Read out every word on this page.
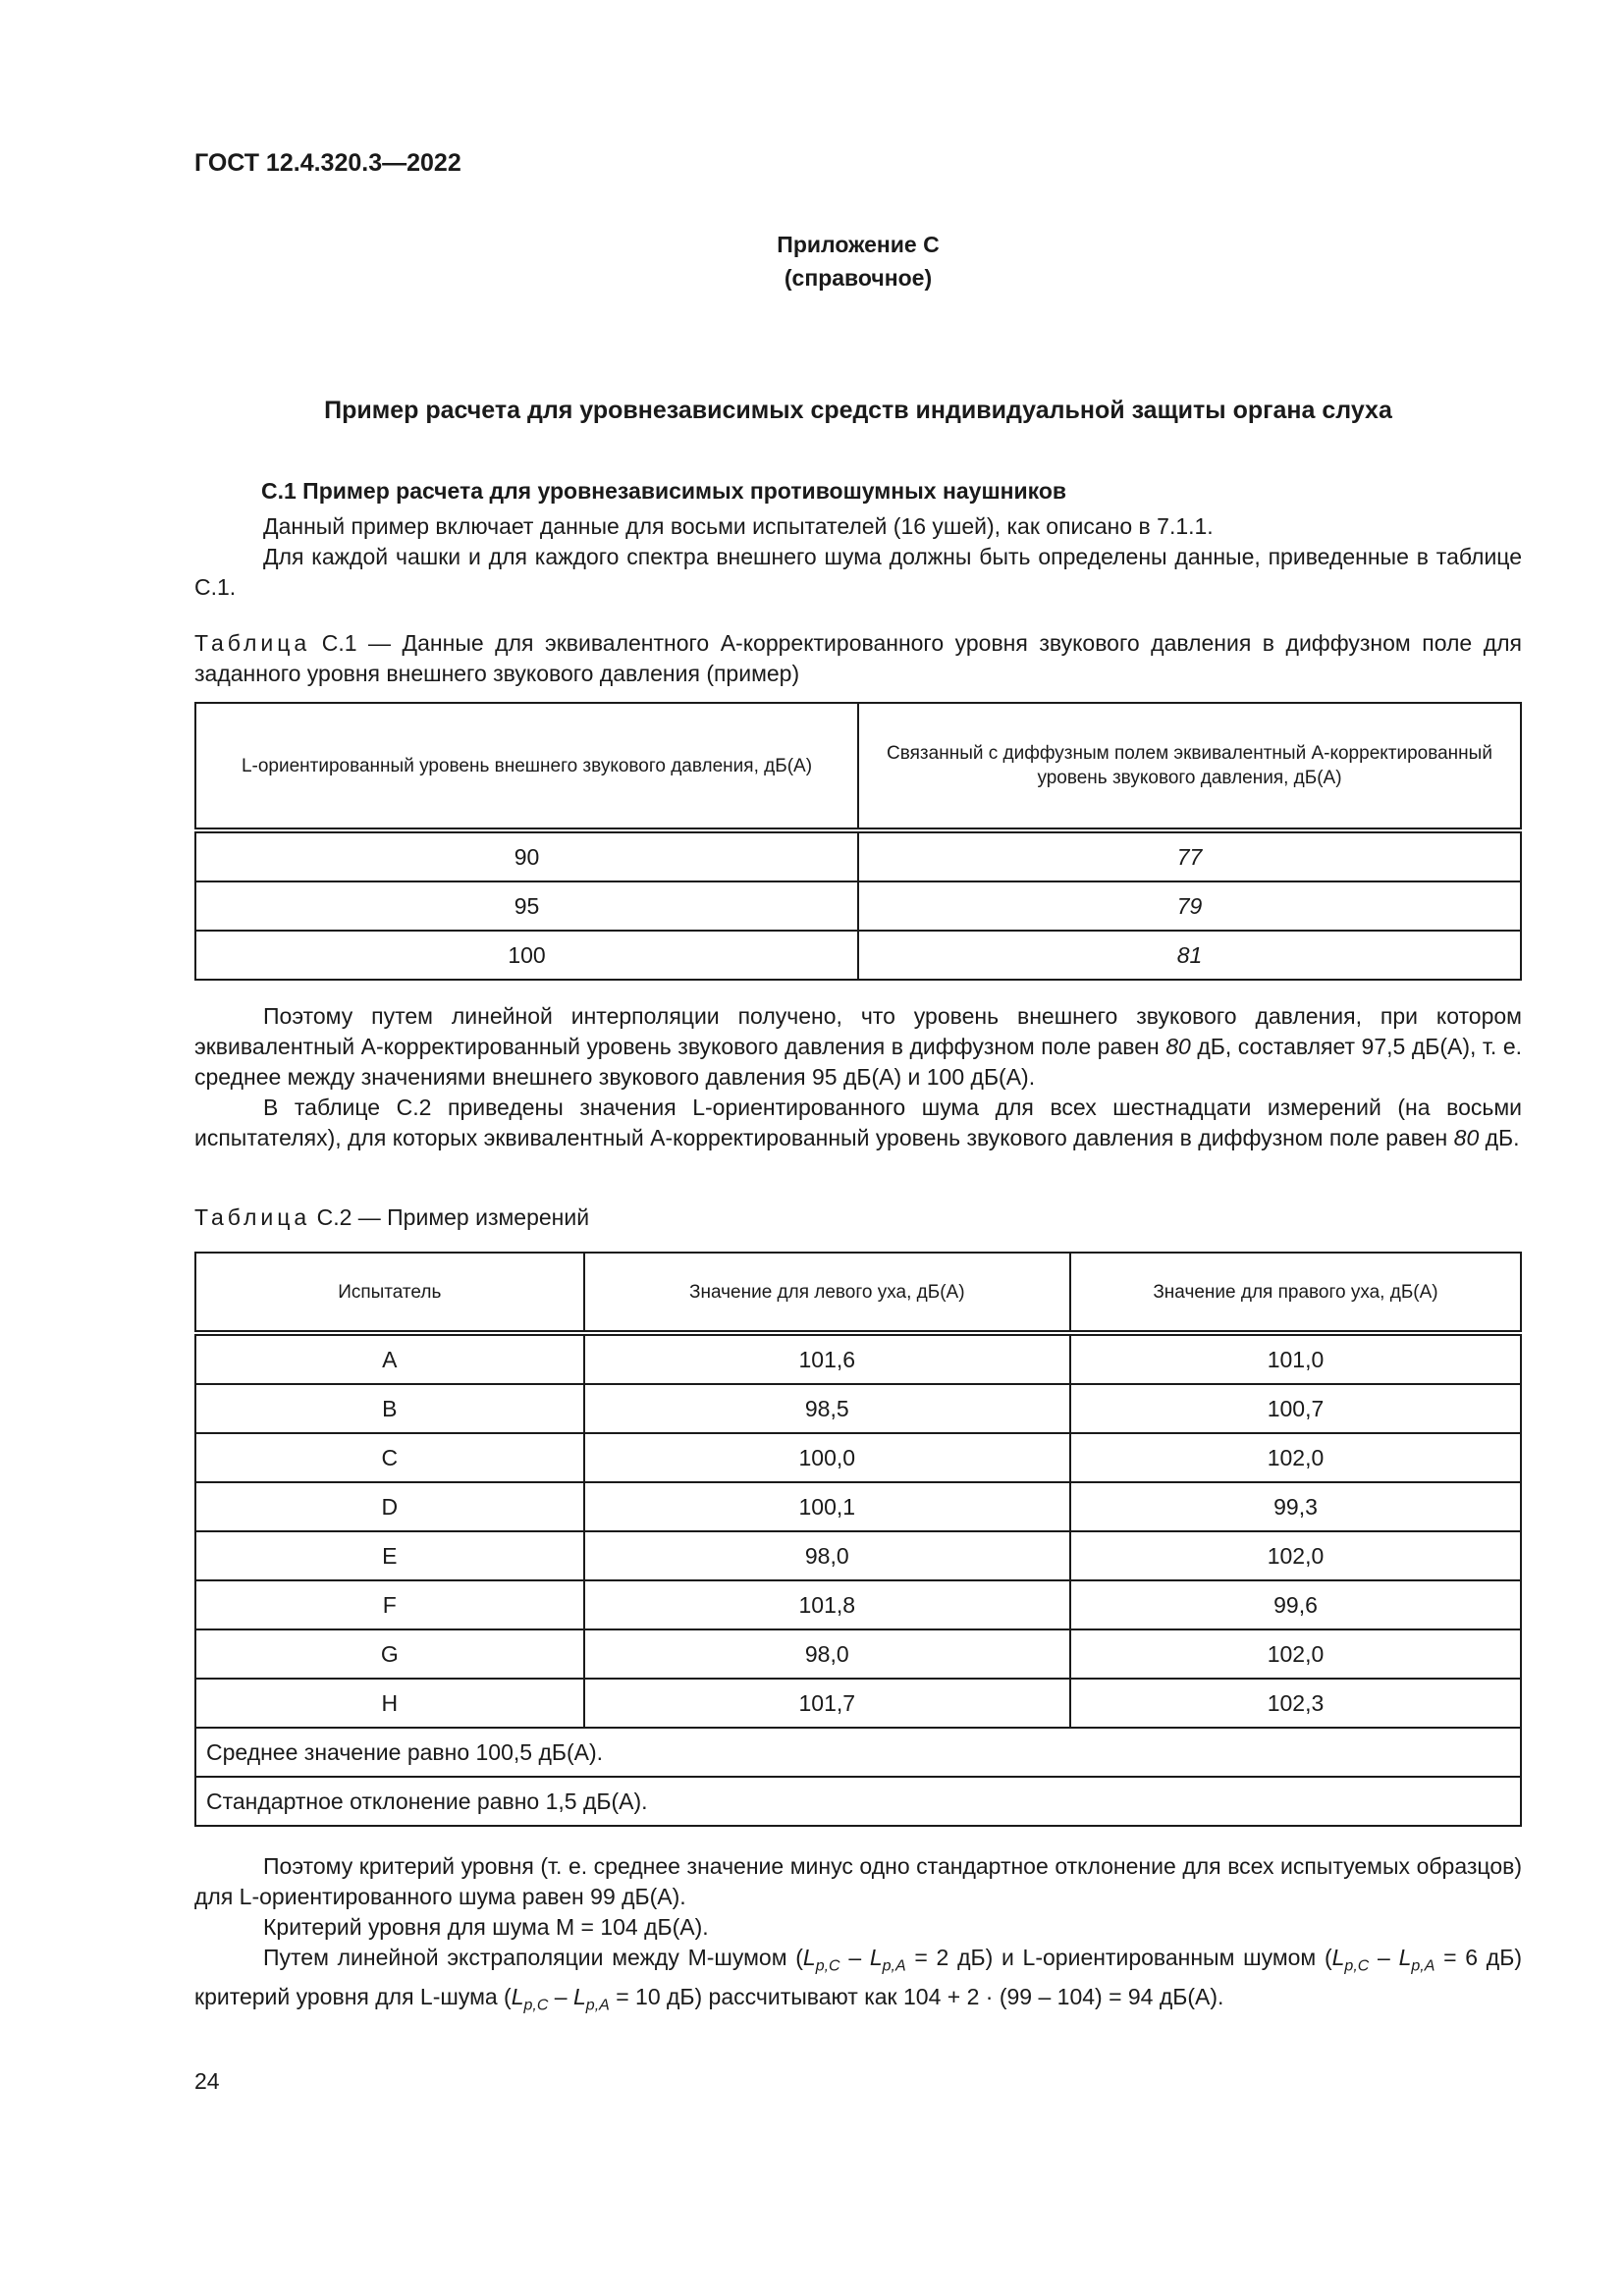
ГОСТ 12.4.320.3—2022
Приложение С
(справочное)
Пример расчета для уровнезависимых средств индивидуальной защиты органа слуха
С.1 Пример расчета для уровнезависимых противошумных наушников
Данный пример включает данные для восьми испытателей (16 ушей), как описано в 7.1.1.
Для каждой чашки и для каждого спектра внешнего шума должны быть определены данные, приведенные в таблице С.1.
Таблица С.1 — Данные для эквивалентного А-корректированного уровня звукового давления в диффузном поле для заданного уровня внешнего звукового давления (пример)
L-ориентированный уровень внешнего звукового давления, дБ(А)	Связанный с диффузным полем эквивалентный А-корректированный уровень звукового давления, дБ(А)
90	77
95	79
100	81
Поэтому путем линейной интерполяции получено, что уровень внешнего звукового давления, при котором эквивалентный А-корректированный уровень звукового давления в диффузном поле равен 80 дБ, составляет 97,5 дБ(А), т. е. среднее между значениями внешнего звукового давления 95 дБ(А) и 100 дБ(А).
В таблице С.2 приведены значения L-ориентированного шума для всех шестнадцати измерений (на восьми испытателях), для которых эквивалентный А-корректированный уровень звукового давления в диффузном поле равен 80 дБ.
Таблица С.2 — Пример измерений
Испытатель	Значение для левого уха, дБ(А)	Значение для правого уха, дБ(А)
A	101,6	101,0
B	98,5	100,7
C	100,0	102,0
D	100,1	99,3
E	98,0	102,0
F	101,8	99,6
G	98,0	102,0
H	101,7	102,3
Среднее значение равно 100,5 дБ(А).		
Стандартное отклонение равно 1,5 дБ(А).		
Поэтому критерий уровня (т. е. среднее значение минус одно стандартное отклонение для всех испытуемых образцов) для L-ориентированного шума равен 99 дБ(А).
Критерий уровня для шума М = 104 дБ(А).
Путем линейной экстраполяции между М-шумом ($L_{p,C} - L_{p,A} = 2$ дБ) и L-ориентированным шумом ($L_{p,C} - L_{p,A} = 6$ дБ) критерий уровня для L-шума ($L_{p,C} - L_{p,A} = 10$ дБ) рассчитывают как 104 + 2 · (99 – 104) = 94 дБ(А).
24
